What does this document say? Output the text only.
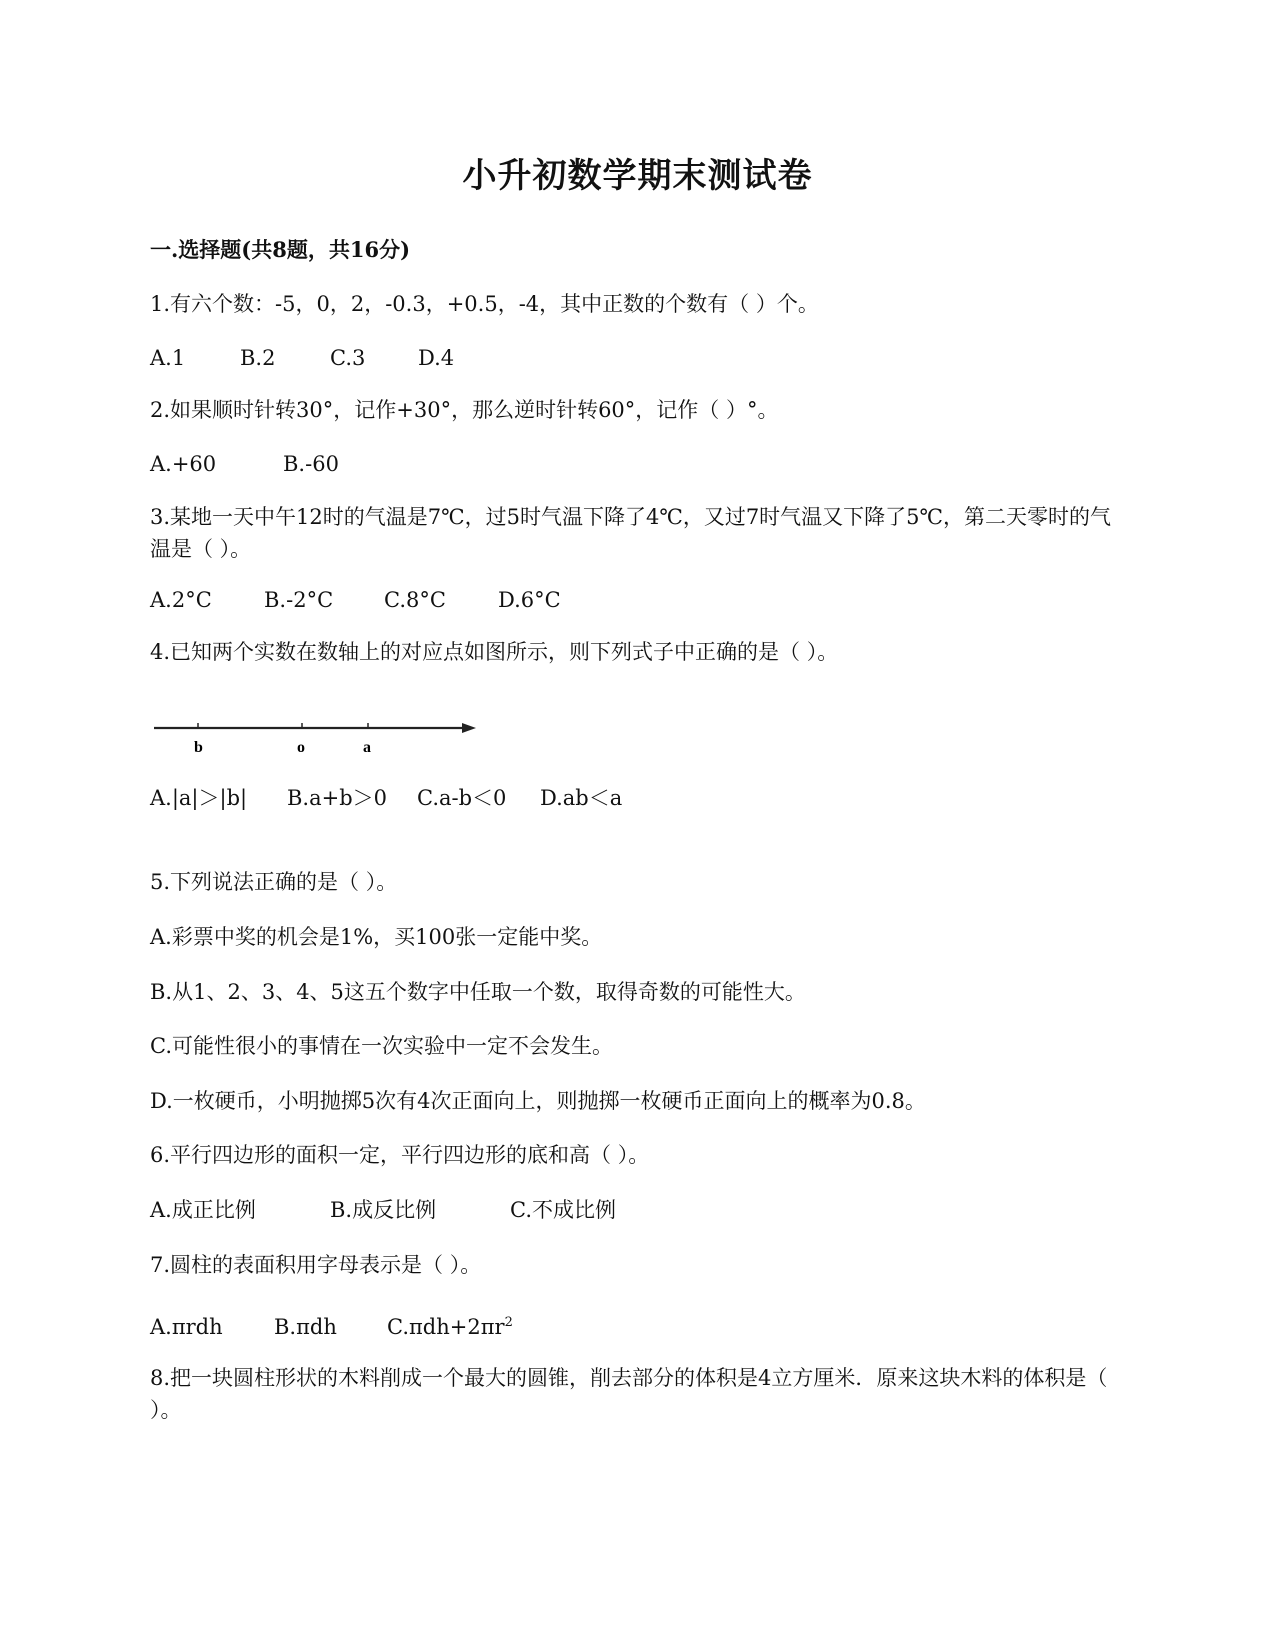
小升初数学期末测试卷
一.选择题(共8题，共16分)
1.有六个数：-5，0，2，-0.3，+0.5，-4，其中正数的个数有（ ）个。
A.1	B.2	C.3	D.4
2.如果顺时针转30°，记作+30°，那么逆时针转60°，记作（ ）°。
A.+60	B.-60
3.某地一天中午12时的气温是7℃，过5时气温下降了4℃，又过7时气温又下降了5℃，第二天零时的气温是（ ）。
A.2°C B.-2°C C.8°C D.6°C
4.已知两个实数在数轴上的对应点如图所示，则下列式子中正确的是（ ）。
b	o	a
A.|a|＞|b| B.a+b＞0 C.a-b＜0 D.ab＜a
5.下列说法正确的是（ ）。
A.彩票中奖的机会是1%，买100张一定能中奖。
B.从1、2、3、4、5这五个数字中任取一个数，取得奇数的可能性大。
C.可能性很小的事情在一次实验中一定不会发生。
D.一枚硬币，小明抛掷5次有4次正面向上，则抛掷一枚硬币正面向上的概率为0.8。
6.平行四边形的面积一定，平行四边形的底和高（ ）。
A.成正比例	B.成反比例	C.不成比例
7.圆柱的表面积用字母表示是（ ）。
A.πrdh B.πdh $C.\pi dh+2\pi r^2$
8.把一块圆柱形状的木料削成一个最大的圆锥，削去部分的体积是4立方厘米．原来这块木料的体积是（ ）。
